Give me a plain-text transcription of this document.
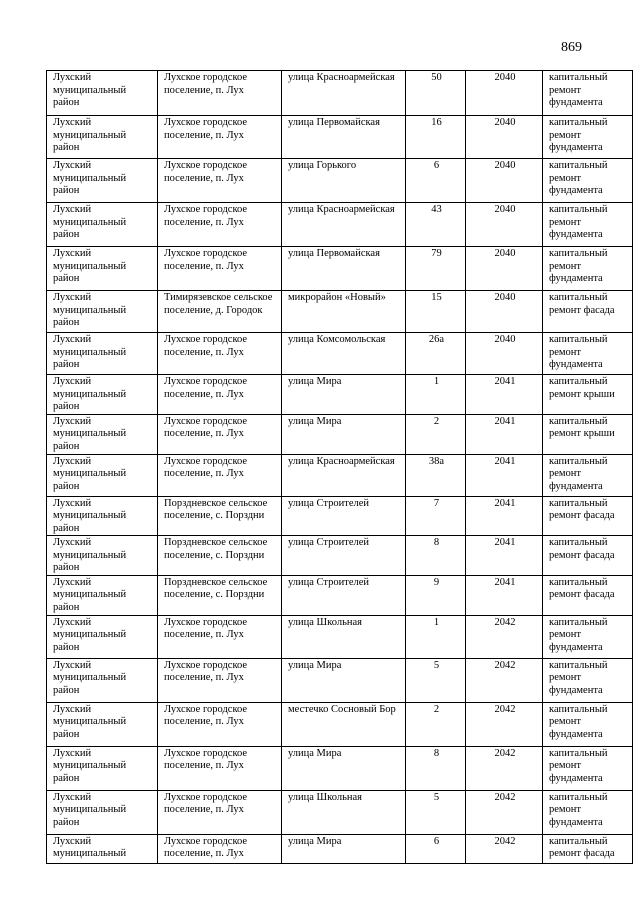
869
Лухский муниципальный район	Лухское городское поселение, п. Лух	улица Красноармейская	50	2040	капитальный ремонт фундамента
Лухский муниципальный район	Лухское городское поселение, п. Лух	улица Первомайская	16	2040	капитальный ремонт фундамента
Лухский муниципальный район	Лухское городское поселение, п. Лух	улица Горького	6	2040	капитальный ремонт фундамента
Лухский муниципальный район	Лухское городское поселение, п. Лух	улица Красноармейская	43	2040	капитальный ремонт фундамента
Лухский муниципальный район	Лухское городское поселение, п. Лух	улица Первомайская	79	2040	капитальный ремонт фундамента
Лухский муниципальный район	Тимирязевское сельское поселение, д. Городок	микрорайон «Новый»	15	2040	капитальный ремонт фасада
Лухский муниципальный район	Лухское городское поселение, п. Лух	улица Комсомольская	26а	2040	капитальный ремонт фундамента
Лухский муниципальный район	Лухское городское поселение, п. Лух	улица Мира	1	2041	капитальный ремонт крыши
Лухский муниципальный район	Лухское городское поселение, п. Лух	улица Мира	2	2041	капитальный ремонт крыши
Лухский муниципальный район	Лухское городское поселение, п. Лух	улица Красноармейская	38а	2041	капитальный ремонт фундамента
Лухский муниципальный район	Порздневское сельское поселение, с. Порздни	улица Строителей	7	2041	капитальный ремонт фасада
Лухский муниципальный район	Порздневское сельское поселение, с. Порздни	улица Строителей	8	2041	капитальный ремонт фасада
Лухский муниципальный район	Порздневское сельское поселение, с. Порздни	улица Строителей	9	2041	капитальный ремонт фасада
Лухский муниципальный район	Лухское городское поселение, п. Лух	улица Школьная	1	2042	капитальный ремонт фундамента
Лухский муниципальный район	Лухское городское поселение, п. Лух	улица Мира	5	2042	капитальный ремонт фундамента
Лухский муниципальный район	Лухское городское поселение, п. Лух	местечко Сосновый Бор	2	2042	капитальный ремонт фундамента
Лухский муниципальный район	Лухское городское поселение, п. Лух	улица Мира	8	2042	капитальный ремонт фундамента
Лухский муниципальный район	Лухское городское поселение, п. Лух	улица Школьная	5	2042	капитальный ремонт фундамента
Лухский муниципальный	Лухское городское поселение, п. Лух	улица Мира	6	2042	капитальный ремонт фасада
